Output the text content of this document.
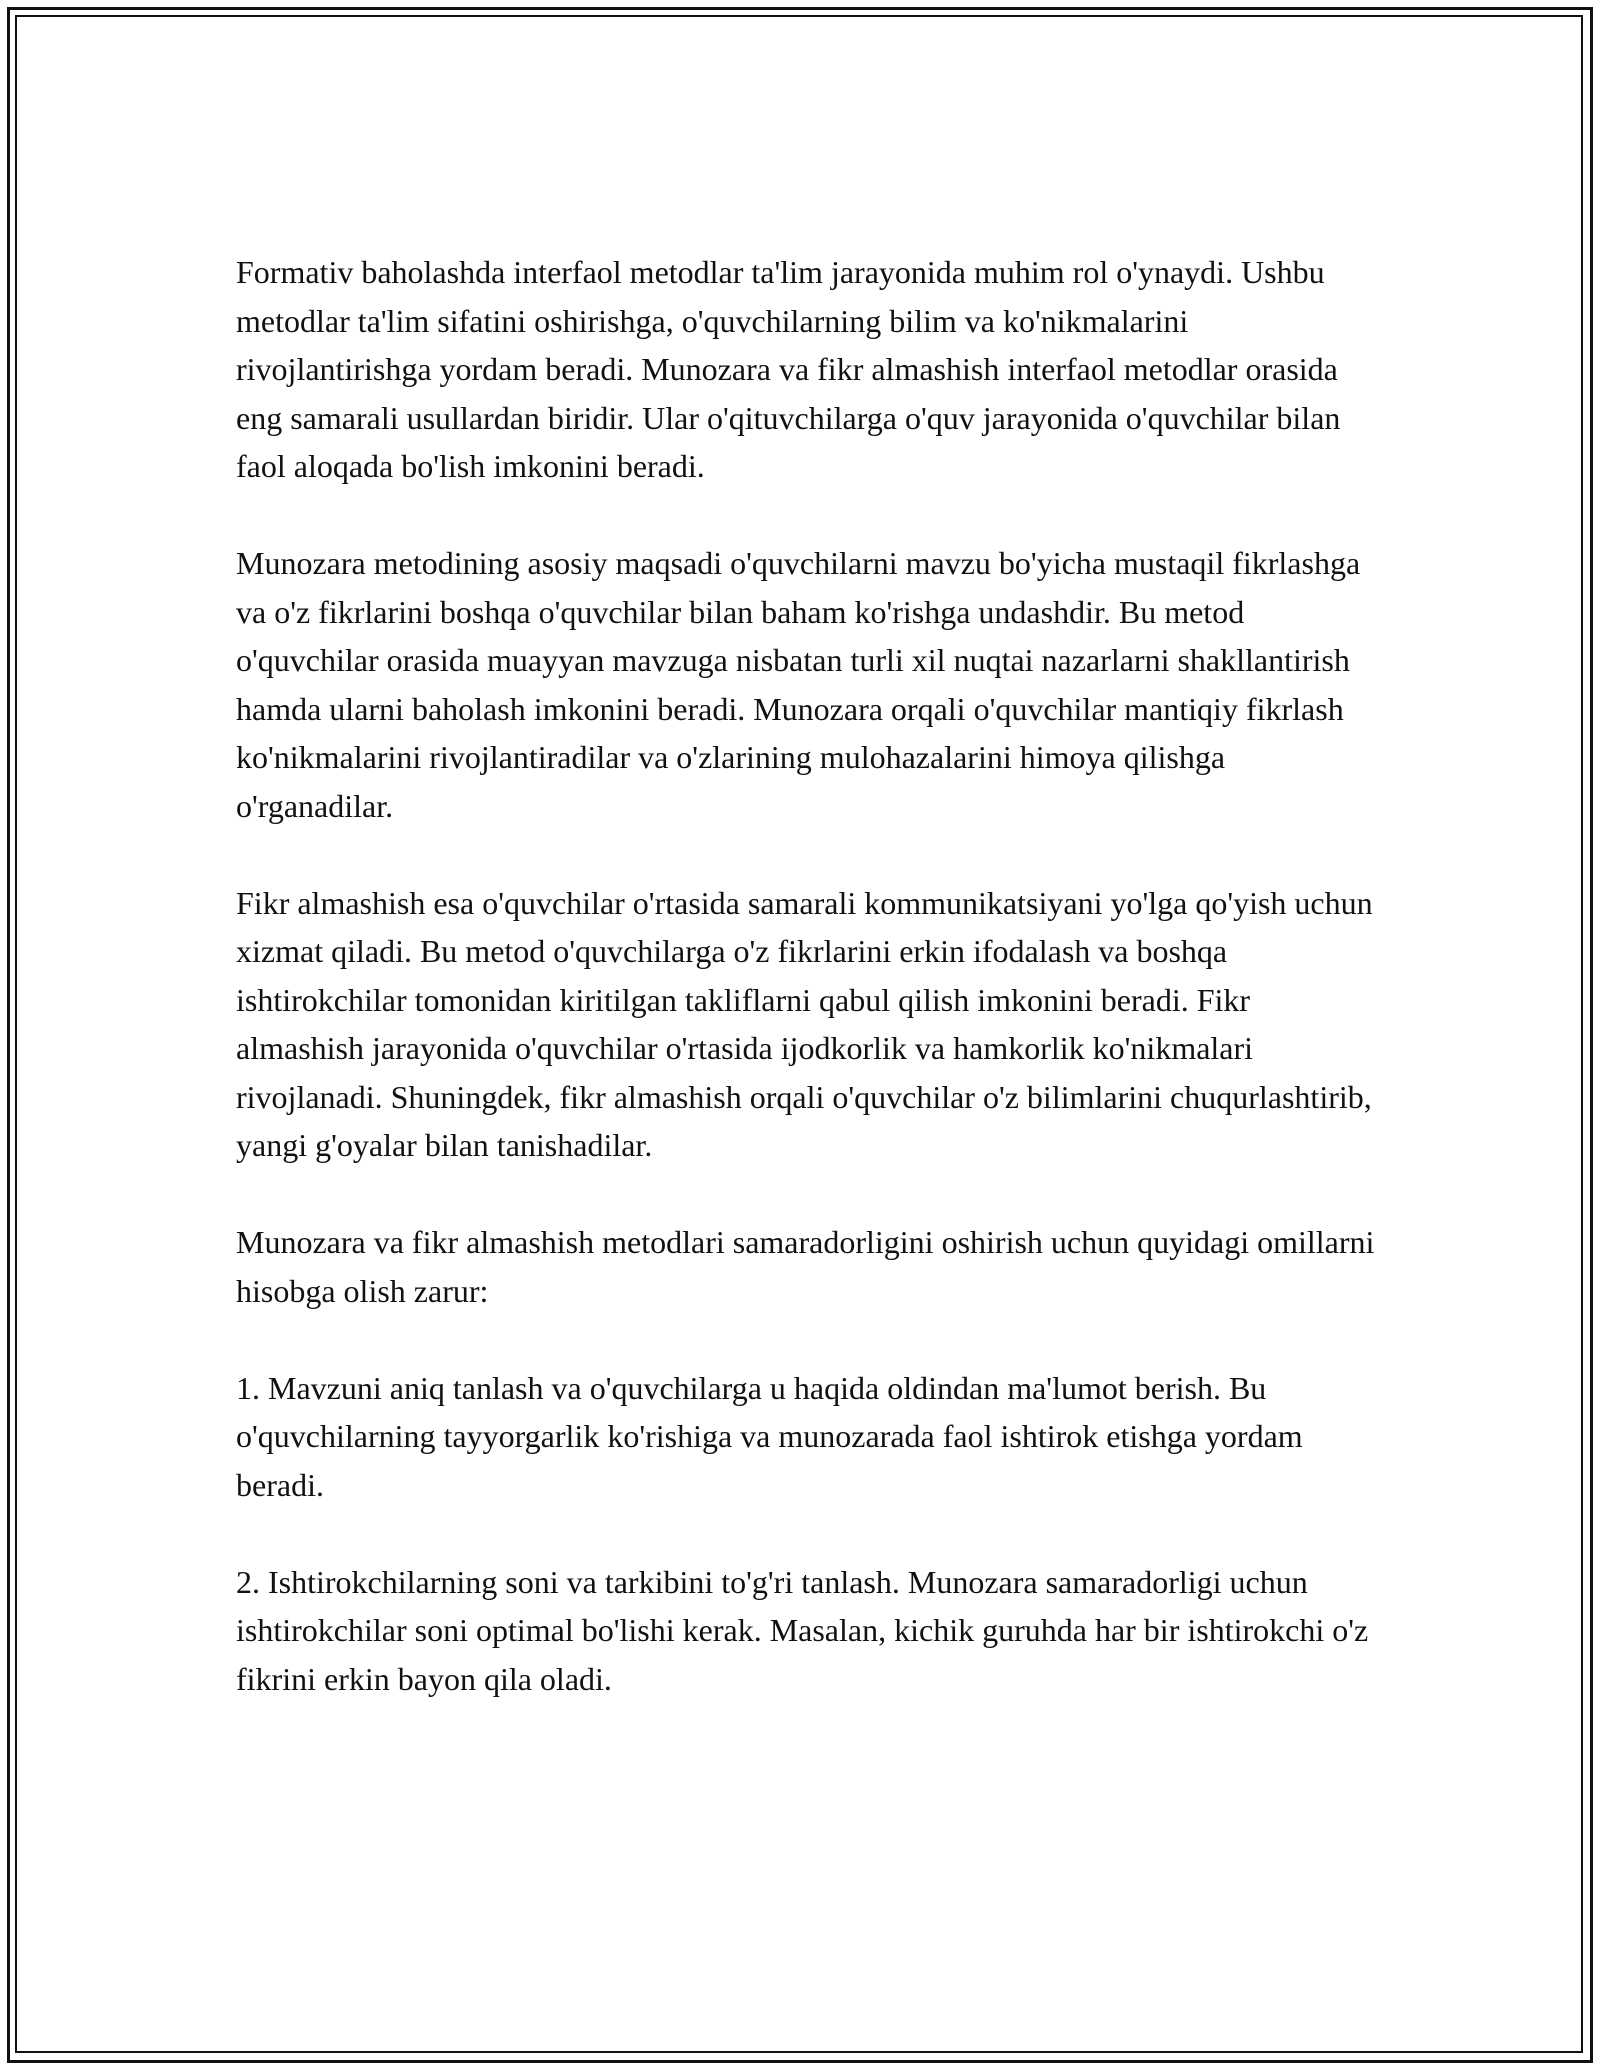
Formativ baholashda interfaol metodlar ta'lim jarayonida muhim rol o'ynaydi. Ushbu metodlar ta'lim sifatini oshirishga, o'quvchilarning bilim va ko'nikmalarini rivojlantirishga yordam beradi. Munozara va fikr almashish interfaol metodlar orasida eng samarali usullardan biridir. Ular o'qituvchilarga o'quv jarayonida o'quvchilar bilan faol aloqada bo'lish imkonini beradi.

Munozara metodining asosiy maqsadi o'quvchilarni mavzu bo'yicha mustaqil fikrlashga va o'z fikrlarini boshqa o'quvchilar bilan baham ko'rishga undashdir. Bu metod o'quvchilar orasida muayyan mavzuga nisbatan turli xil nuqtai nazarlarni shakllantirish hamda ularni baholash imkonini beradi. Munozara orqali o'quvchilar mantiqiy fikrlash ko'nikmalarini rivojlantiradilar va o'zlarining mulohazalarini himoya qilishga o'rganadilar.

Fikr almashish esa o'quvchilar o'rtasida samarali kommunikatsiyani yo'lga qo'yish uchun xizmat qiladi. Bu metod o'quvchilarga o'z fikrlarini erkin ifodalash va boshqa ishtirokchilar tomonidan kiritilgan takliflarni qabul qilish imkonini beradi. Fikr almashish jarayonida o'quvchilar o'rtasida ijodkorlik va hamkorlik ko'nikmalari rivojlanadi. Shuningdek, fikr almashish orqali o'quvchilar o'z bilimlarini chuqurlashtirib, yangi g'oyalar bilan tanishadilar.

Munozara va fikr almashish metodlari samaradorligini oshirish uchun quyidagi omillarni hisobga olish zarur:

1. Mavzuni aniq tanlash va o'quvchilarga u haqida oldindan ma'lumot berish. Bu o'quvchilarning tayyorgarlik ko'rishiga va munozarada faol ishtirok etishga yordam beradi.

2. Ishtirokchilarning soni va tarkibini to'g'ri tanlash. Munozara samaradorligi uchun ishtirokchilar soni optimal bo'lishi kerak. Masalan, kichik guruhda har bir ishtirokchi o'z fikrini erkin bayon qila oladi.
